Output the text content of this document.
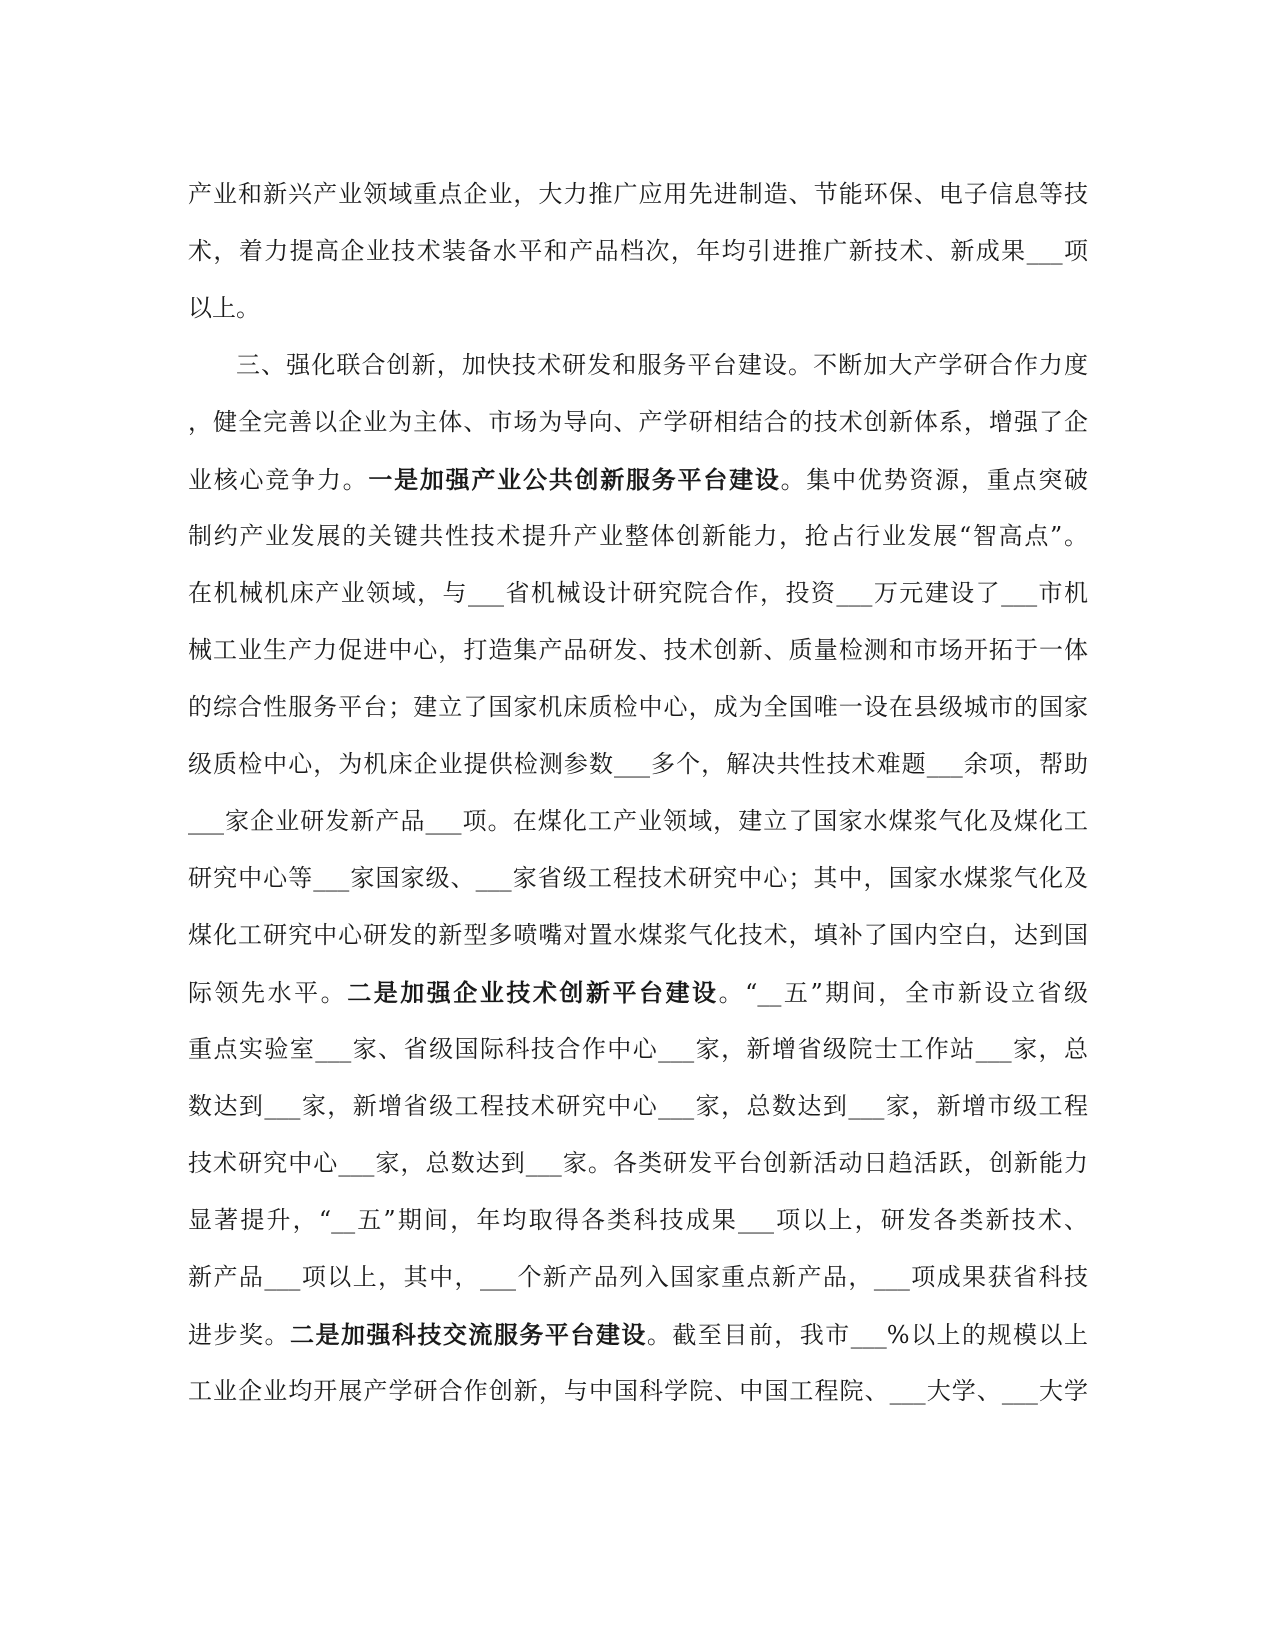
产业和新兴产业领域重点企业，大力推广应用先进制造、节能环保、电子信息等技
术，着力提高企业技术装备水平和产品档次，年均引进推广新技术、新成果___项
以上。
三、强化联合创新，加快技术研发和服务平台建设。不断加大产学研合作力度
，健全完善以企业为主体、市场为导向、产学研相结合的技术创新体系，增强了企
业核心竞争力。一是加强产业公共创新服务平台建设。集中优势资源，重点突破
制约产业发展的关键共性技术提升产业整体创新能力，抢占行业发展“智高点”。
在机械机床产业领域，与___省机械设计研究院合作，投资___万元建设了___市机
械工业生产力促进中心，打造集产品研发、技术创新、质量检测和市场开拓于一体
的综合性服务平台；建立了国家机床质检中心，成为全国唯一设在县级城市的国家
级质检中心，为机床企业提供检测参数___多个，解决共性技术难题___余项，帮助
___家企业研发新产品___项。在煤化工产业领域，建立了国家水煤浆气化及煤化工
研究中心等___家国家级、___家省级工程技术研究中心；其中，国家水煤浆气化及
煤化工研究中心研发的新型多喷嘴对置水煤浆气化技术，填补了国内空白，达到国
际领先水平。二是加强企业技术创新平台建设。“__五”期间，全市新设立省级
重点实验室___家、省级国际科技合作中心___家，新增省级院士工作站___家，总
数达到___家，新增省级工程技术研究中心___家，总数达到___家，新增市级工程
技术研究中心___家，总数达到___家。各类研发平台创新活动日趋活跃，创新能力
显著提升，“__五”期间，年均取得各类科技成果___项以上，研发各类新技术、
新产品___项以上，其中，___个新产品列入国家重点新产品，___项成果获省科技
进步奖。二是加强科技交流服务平台建设。截至目前，我市___%以上的规模以上
工业企业均开展产学研合作创新，与中国科学院、中国工程院、___大学、___大学
